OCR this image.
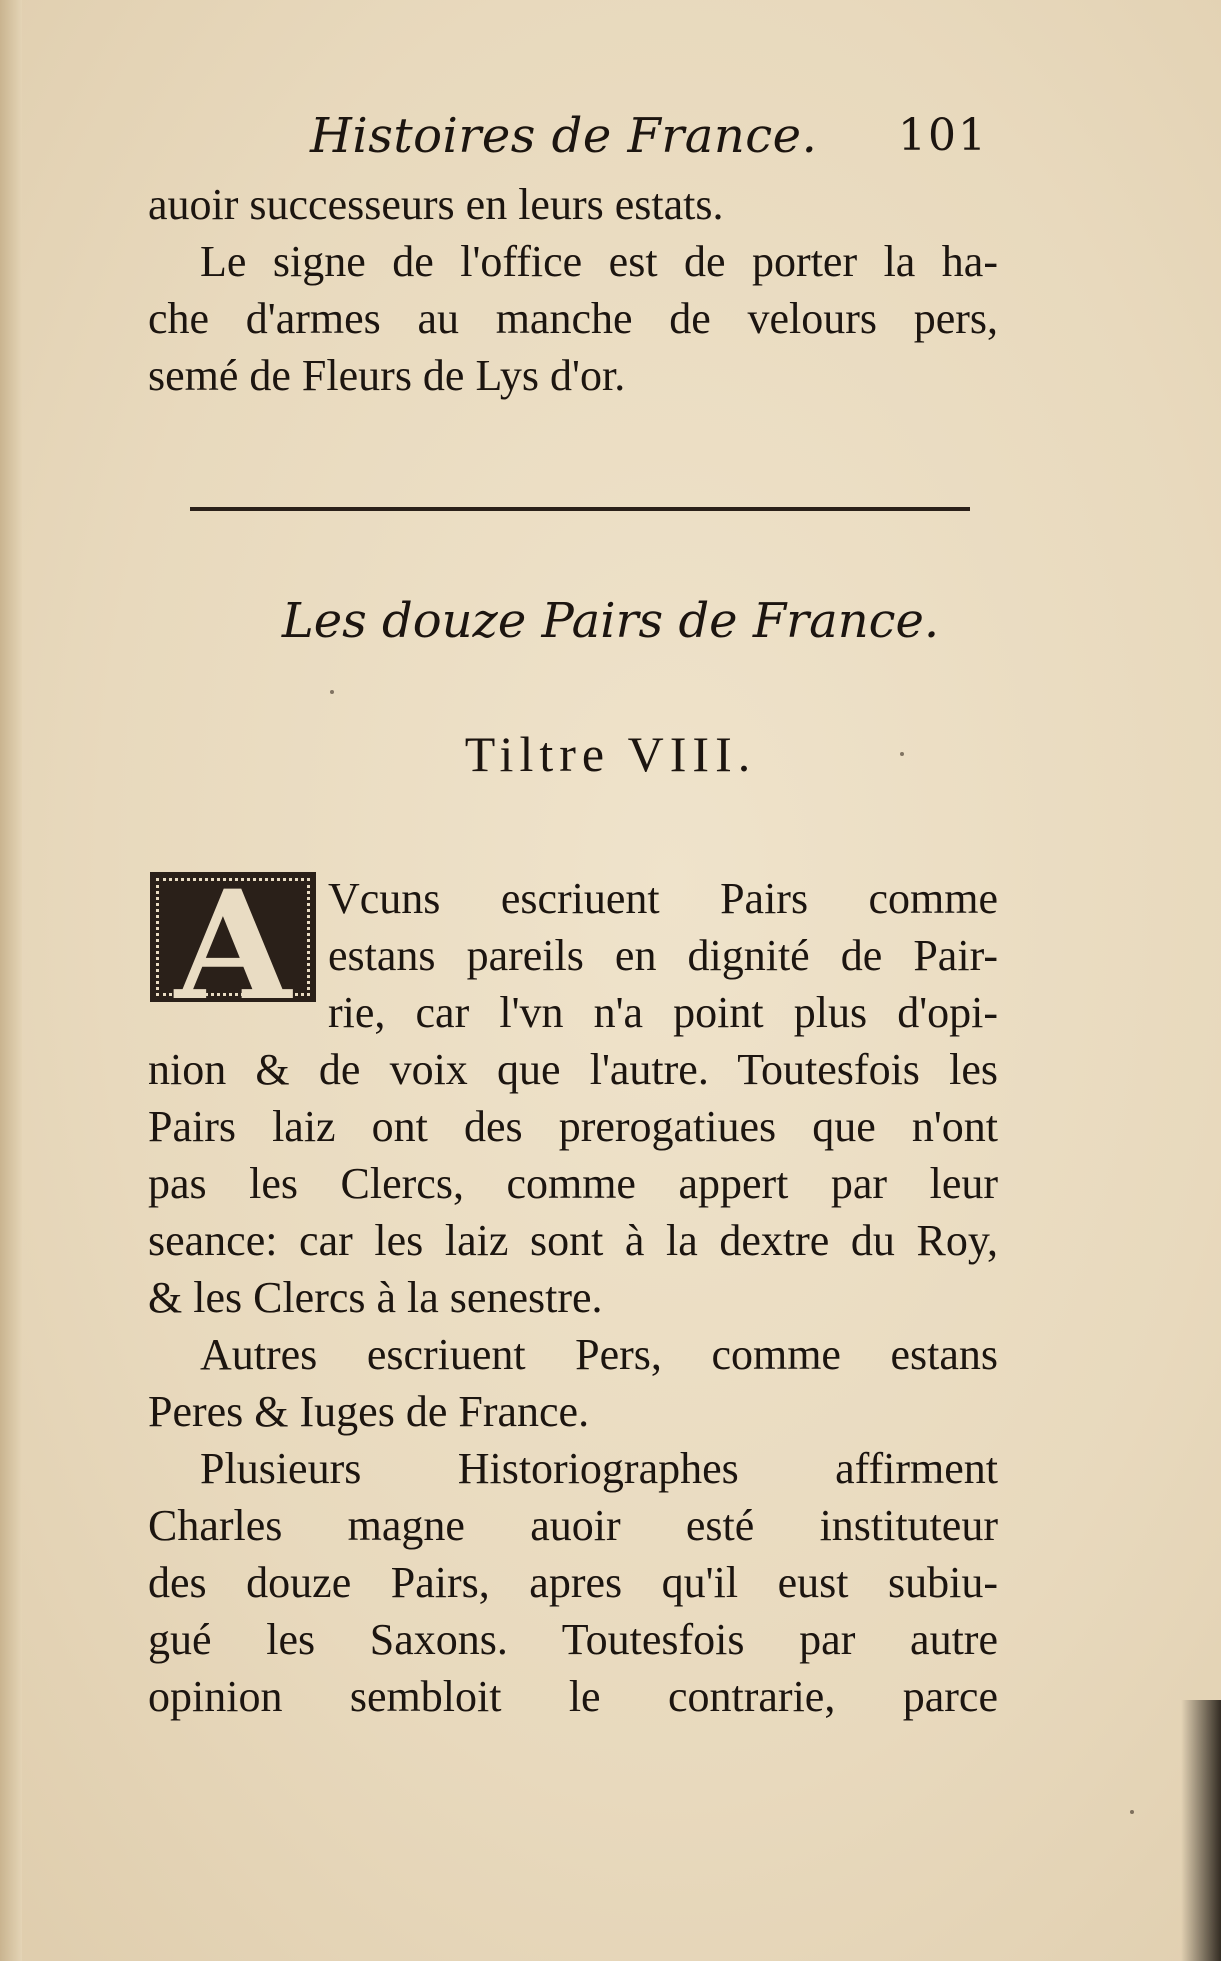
Histoires de France. 101
auoir successeurs en leurs estats.
Le signe de l'office est de porter la ha-
che d'armes au manche de velours pers,
semé de Fleurs de Lys d'or.
Les douze Pairs de France.
Tiltre VIII.
A Vcuns escriuent Pairs comme
estans pareils en dignité de Pair-
rie, car l'vn n'a point plus d'opi-
nion & de voix que l'autre. Toutesfois les
Pairs laiz ont des prerogatiues que n'ont
pas les Clercs, comme appert par leur
seance: car les laiz sont à la dextre du Roy,
& les Clercs à la senestre.
Autres escriuent Pers, comme estans
Peres & Iuges de France.
Plusieurs Historiographes affirment
Charles magne auoir esté instituteur
des douze Pairs, apres qu'il eust subiu-
gué les Saxons. Toutesfois par autre
opinion sembloit le contrarie, parce
